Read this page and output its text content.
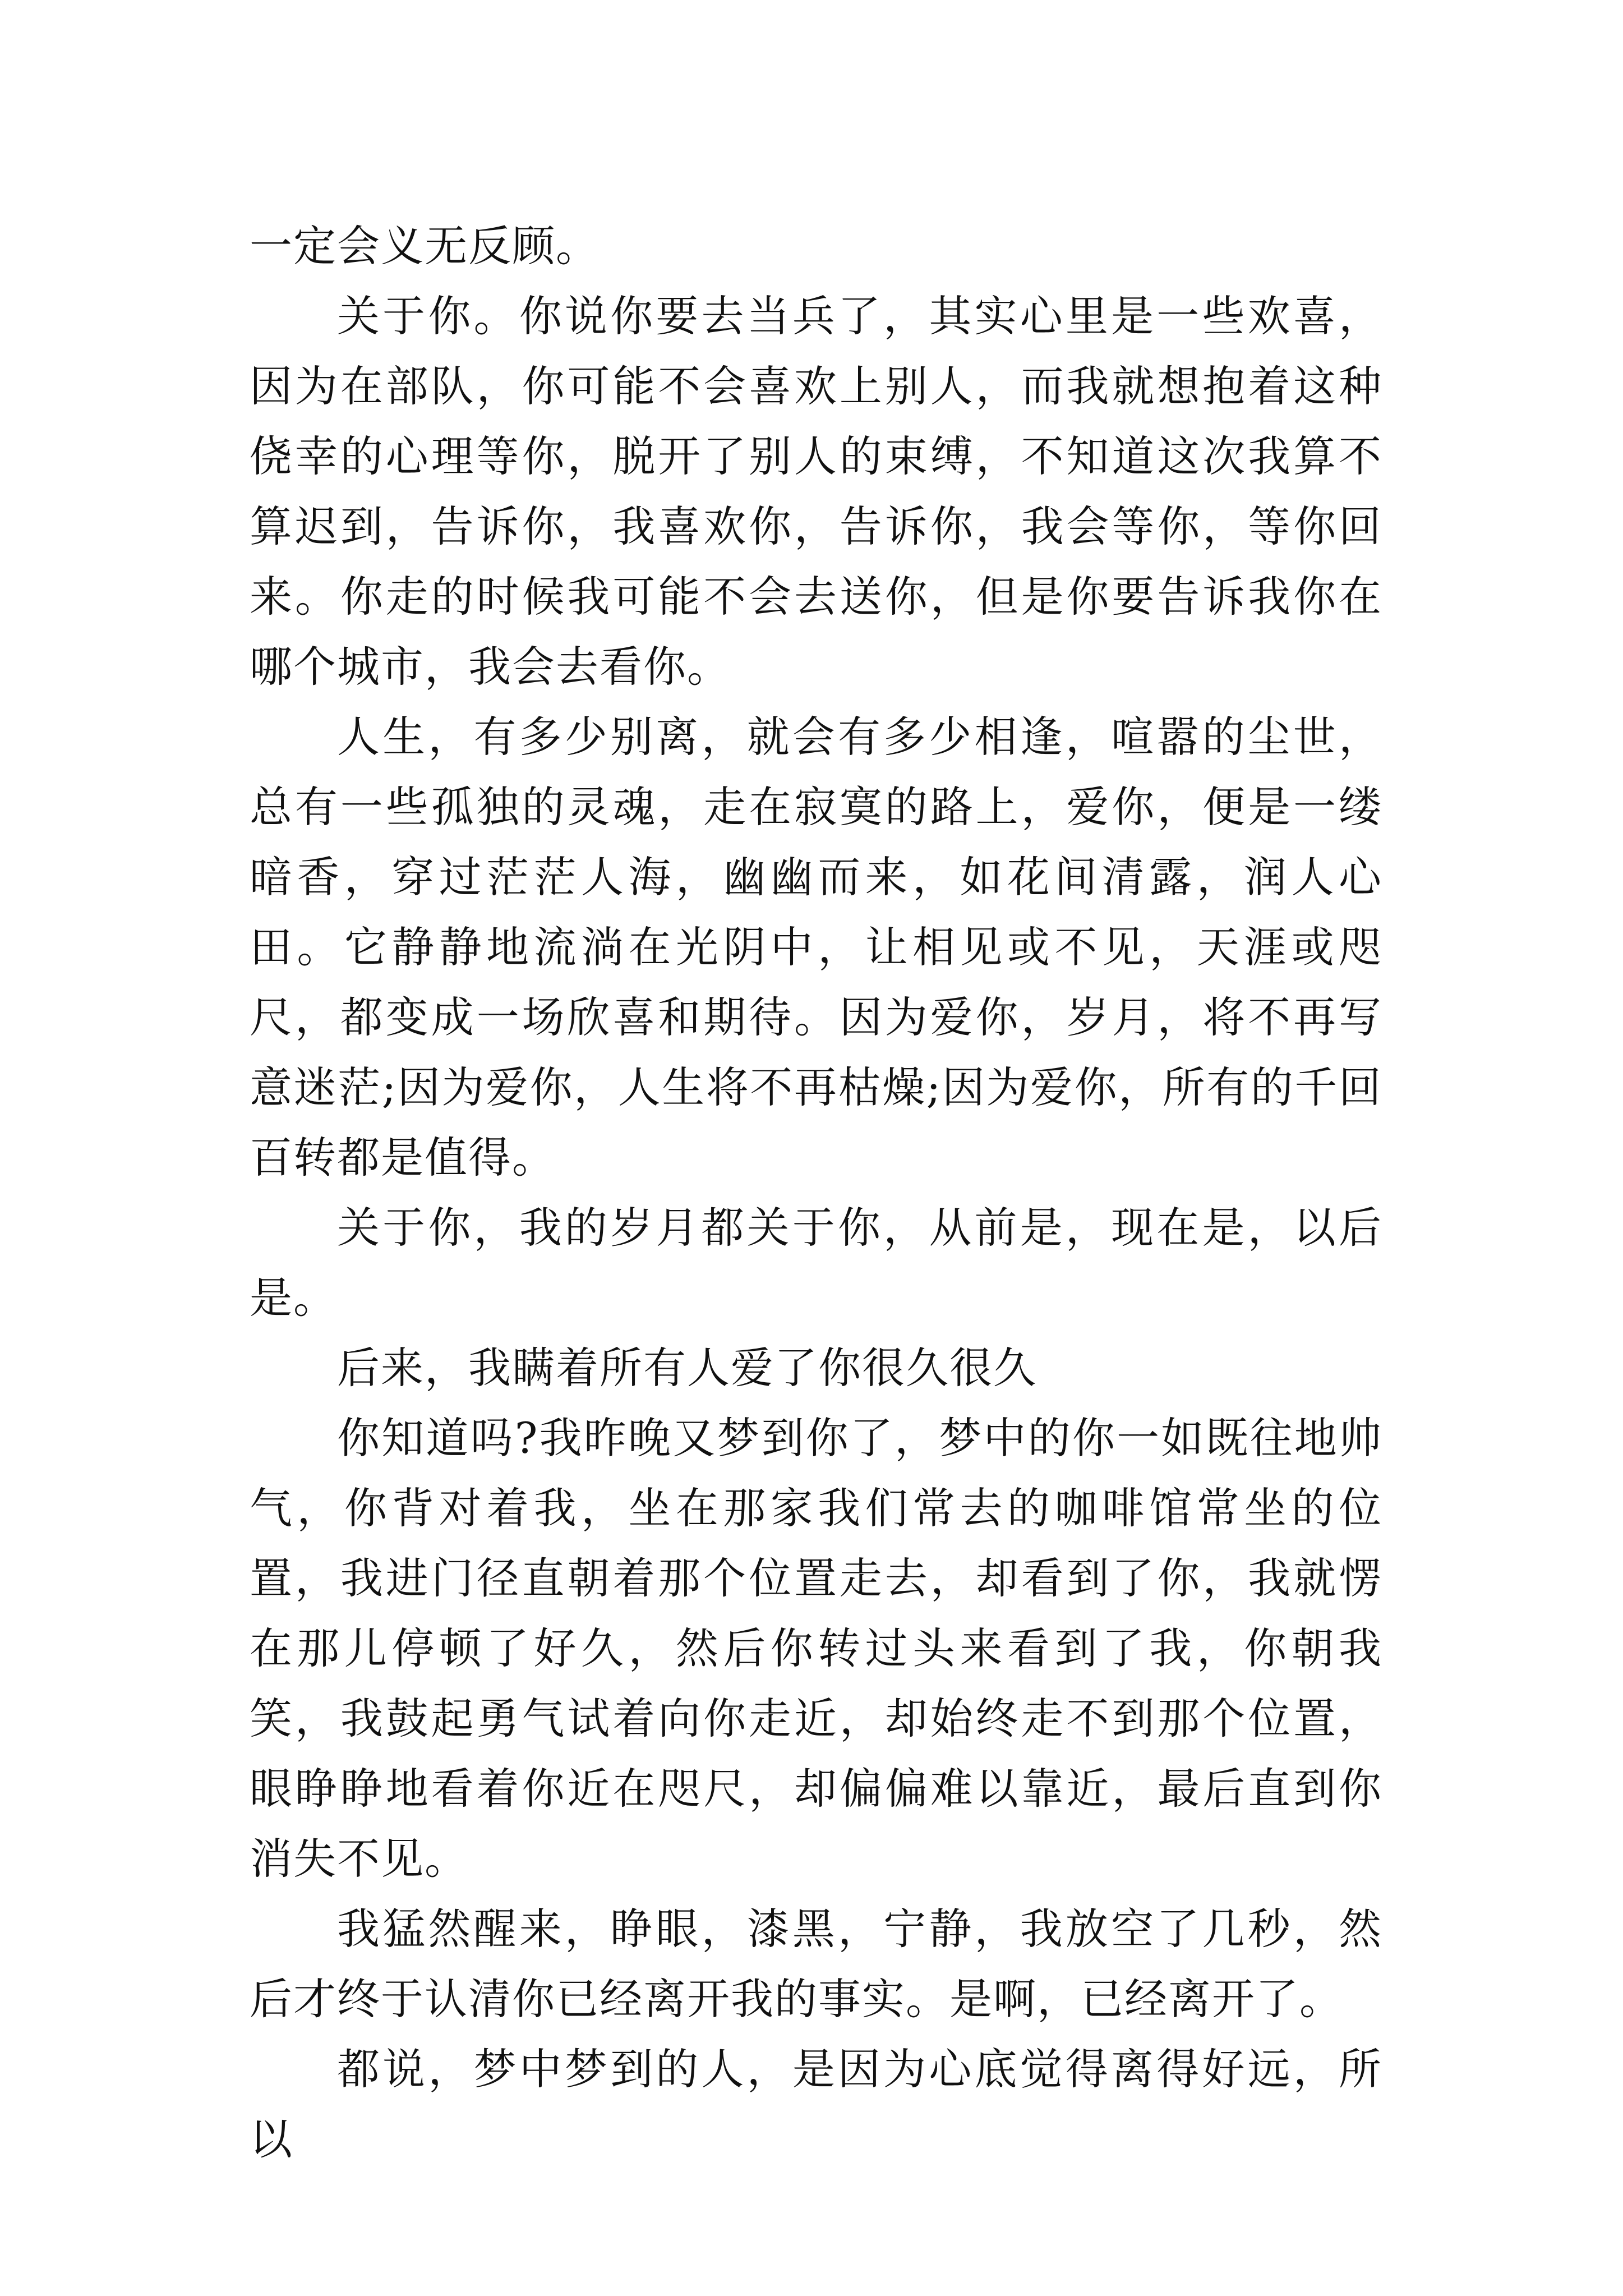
一定会义无反顾。

关于你。你说你要去当兵了，其实心里是一些欢喜，因为在部队，你可能不会喜欢上别人，而我就想抱着这种侥幸的心理等你，脱开了别人的束缚，不知道这次我算不算迟到，告诉你，我喜欢你，告诉你，我会等你，等你回来。你走的时候我可能不会去送你，但是你要告诉我你在哪个城市，我会去看你。

人生，有多少别离，就会有多少相逢，喧嚣的尘世，总有一些孤独的灵魂，走在寂寞的路上，爱你，便是一缕暗香，穿过茫茫人海，幽幽而来，如花间清露，润人心田。它静静地流淌在光阴中，让相见或不见，天涯或咫尺，都变成一场欣喜和期待。因为爱你，岁月，将不再写意迷茫;因为爱你，人生将不再枯燥;因为爱你，所有的千回百转都是值得。

关于你，我的岁月都关于你，从前是，现在是，以后是。

后来，我瞒着所有人爱了你很久很久

你知道吗?我昨晚又梦到你了，梦中的你一如既往地帅气，你背对着我，坐在那家我们常去的咖啡馆常坐的位置，我进门径直朝着那个位置走去，却看到了你，我就愣在那儿停顿了好久，然后你转过头来看到了我，你朝我笑，我鼓起勇气试着向你走近，却始终走不到那个位置，眼睁睁地看着你近在咫尺，却偏偏难以靠近，最后直到你消失不见。

我猛然醒来，睁眼，漆黑，宁静，我放空了几秒，然后才终于认清你已经离开我的事实。是啊，已经离开了。

都说，梦中梦到的人，是因为心底觉得离得好远，所以
